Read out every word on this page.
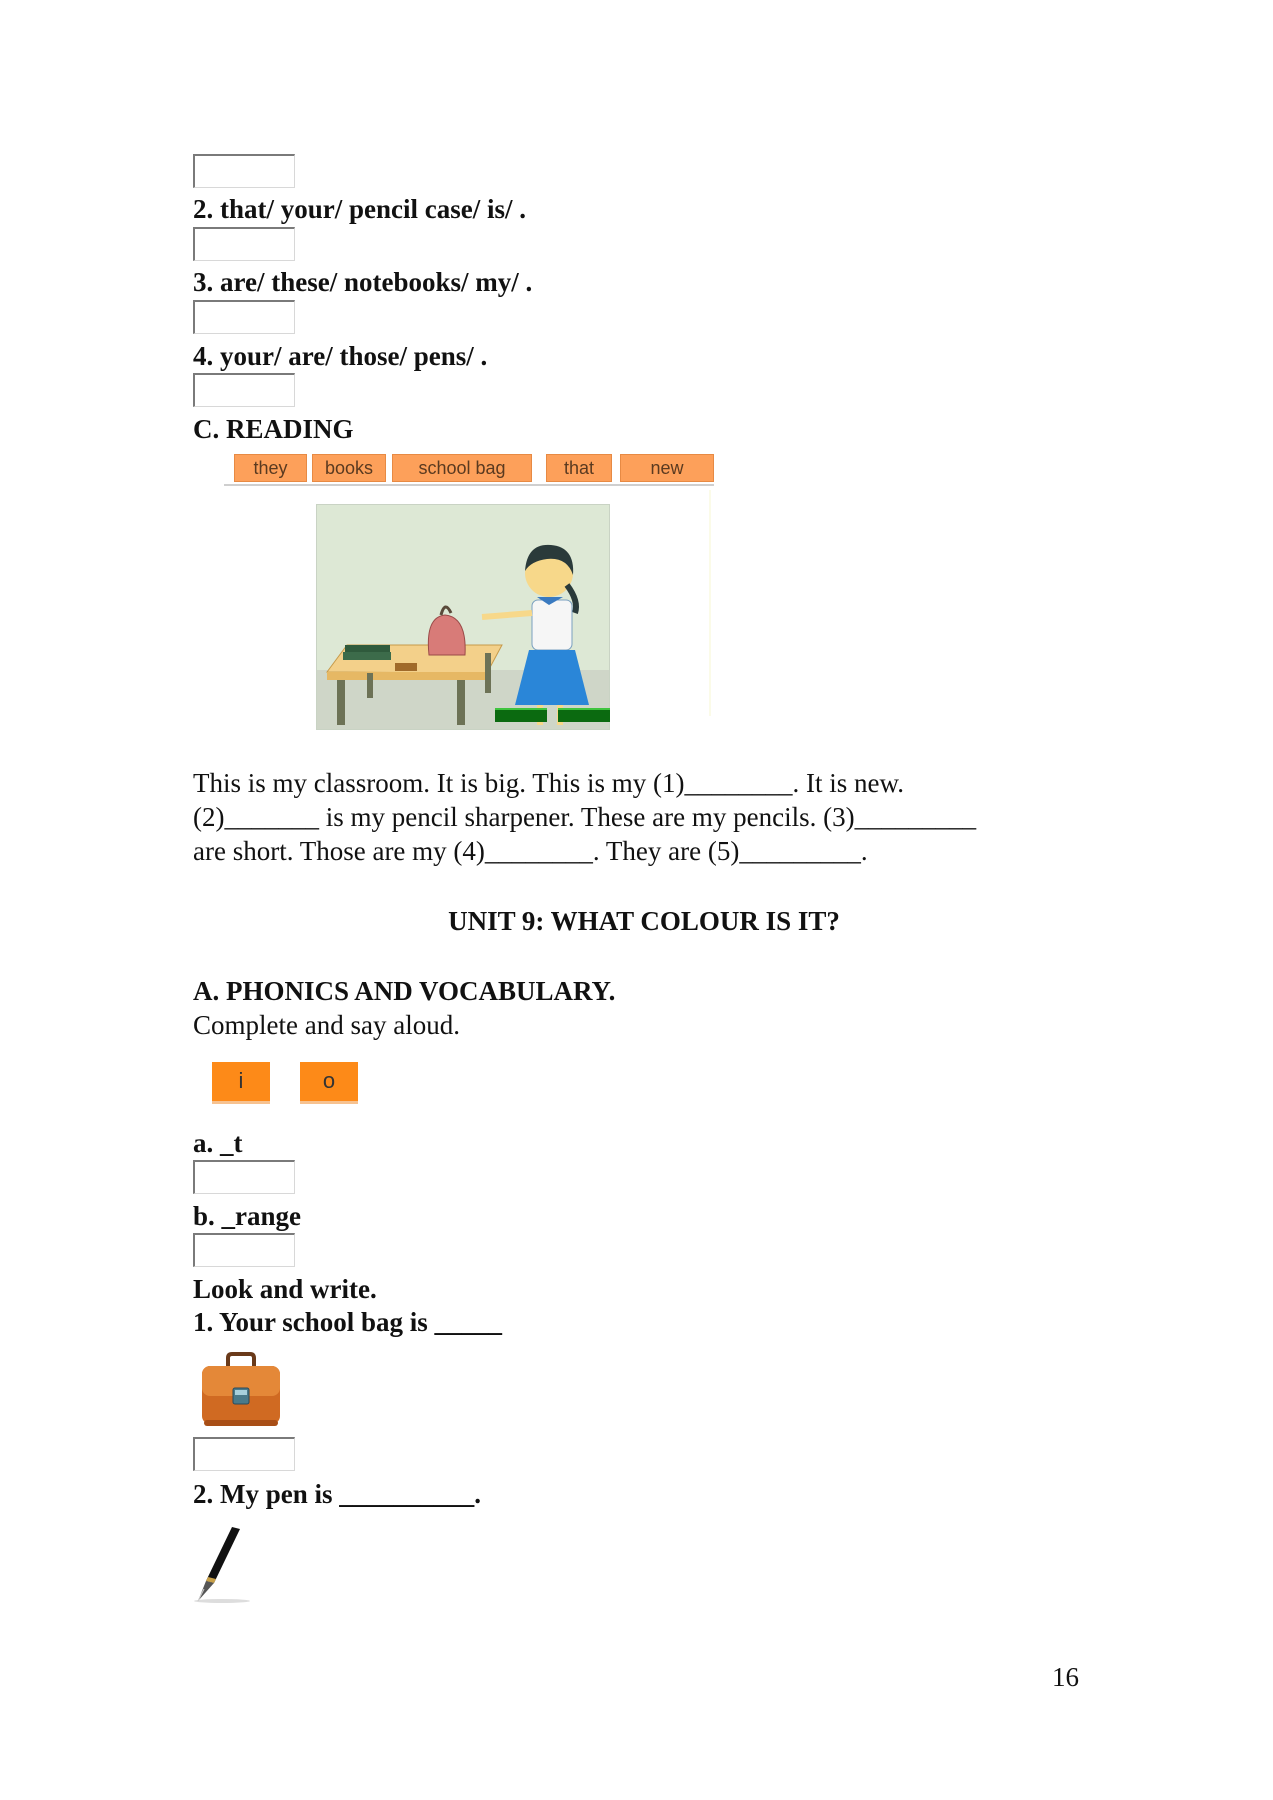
2. that/ your/ pencil case/ is/ .
3. are/ these/ notebooks/ my/ .
4. your/ are/ those/ pens/ .
C. READING
they	books	school bag	that	new
This is my classroom. It is big. This is my (1)________. It is new.
(2)_______ is my pencil sharpener. These are my pencils. (3)_________
are short. Those are my (4)________. They are (5)_________.
UNIT 9: WHAT COLOUR IS IT?
A. PHONICS AND VOCABULARY.
Complete and say aloud.
i	o
a. _t
b. _range
Look and write.
1. Your school bag is _____
2. My pen is __________.
16
